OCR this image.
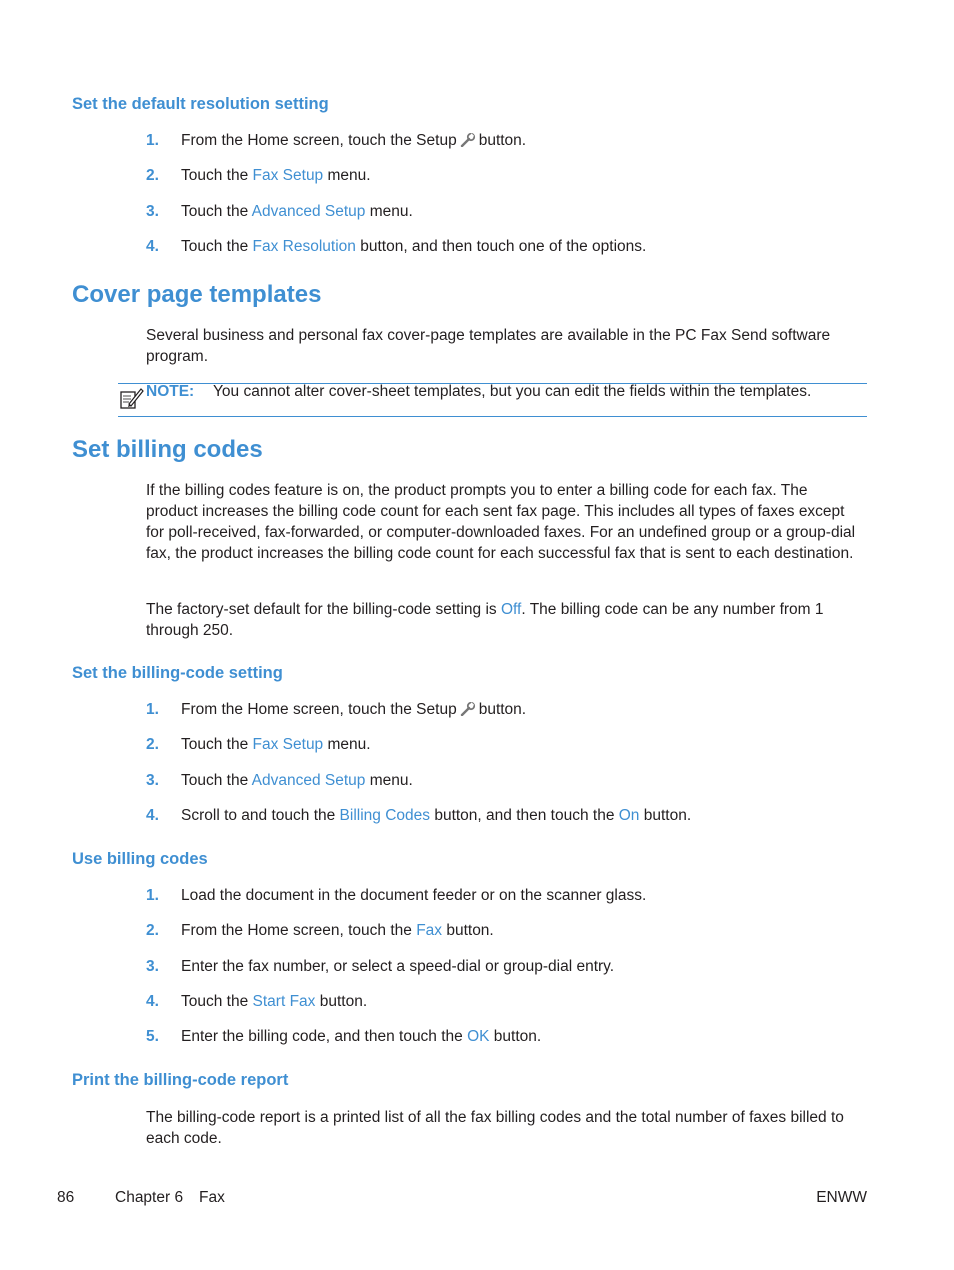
Set the default resolution setting
1. From the Home screen, touch the Setup button.
2. Touch the Fax Setup menu.
3. Touch the Advanced Setup menu.
4. Touch the Fax Resolution button, and then touch one of the options.
Cover page templates

Several business and personal fax cover-page templates are available in the PC Fax Send software program.

NOTE: You cannot alter cover-sheet templates, but you can edit the fields within the templates.
Set billing codes

If the billing codes feature is on, the product prompts you to enter a billing code for each fax. The product increases the billing code count for each sent fax page. This includes all types of faxes except for poll-received, fax-forwarded, or computer-downloaded faxes. For an undefined group or a group-dial fax, the product increases the billing code count for each successful fax that is sent to each destination.

The factory-set default for the billing-code setting is Off. The billing code can be any number from 1 through 250.

Set the billing-code setting
1. From the Home screen, touch the Setup button.
2. Touch the Fax Setup menu.
3. Touch the Advanced Setup menu.
4. Scroll to and touch the Billing Codes button, and then touch the On button.
Use billing codes
1. Load the document in the document feeder or on the scanner glass.
2. From the Home screen, touch the Fax button.
3. Enter the fax number, or select a speed-dial or group-dial entry.
4. Touch the Start Fax button.
5. Enter the billing code, and then touch the OK button.
Print the billing-code report

The billing-code report is a printed list of all the fax billing codes and the total number of faxes billed to each code.

86	Chapter 6 Fax	ENWW
